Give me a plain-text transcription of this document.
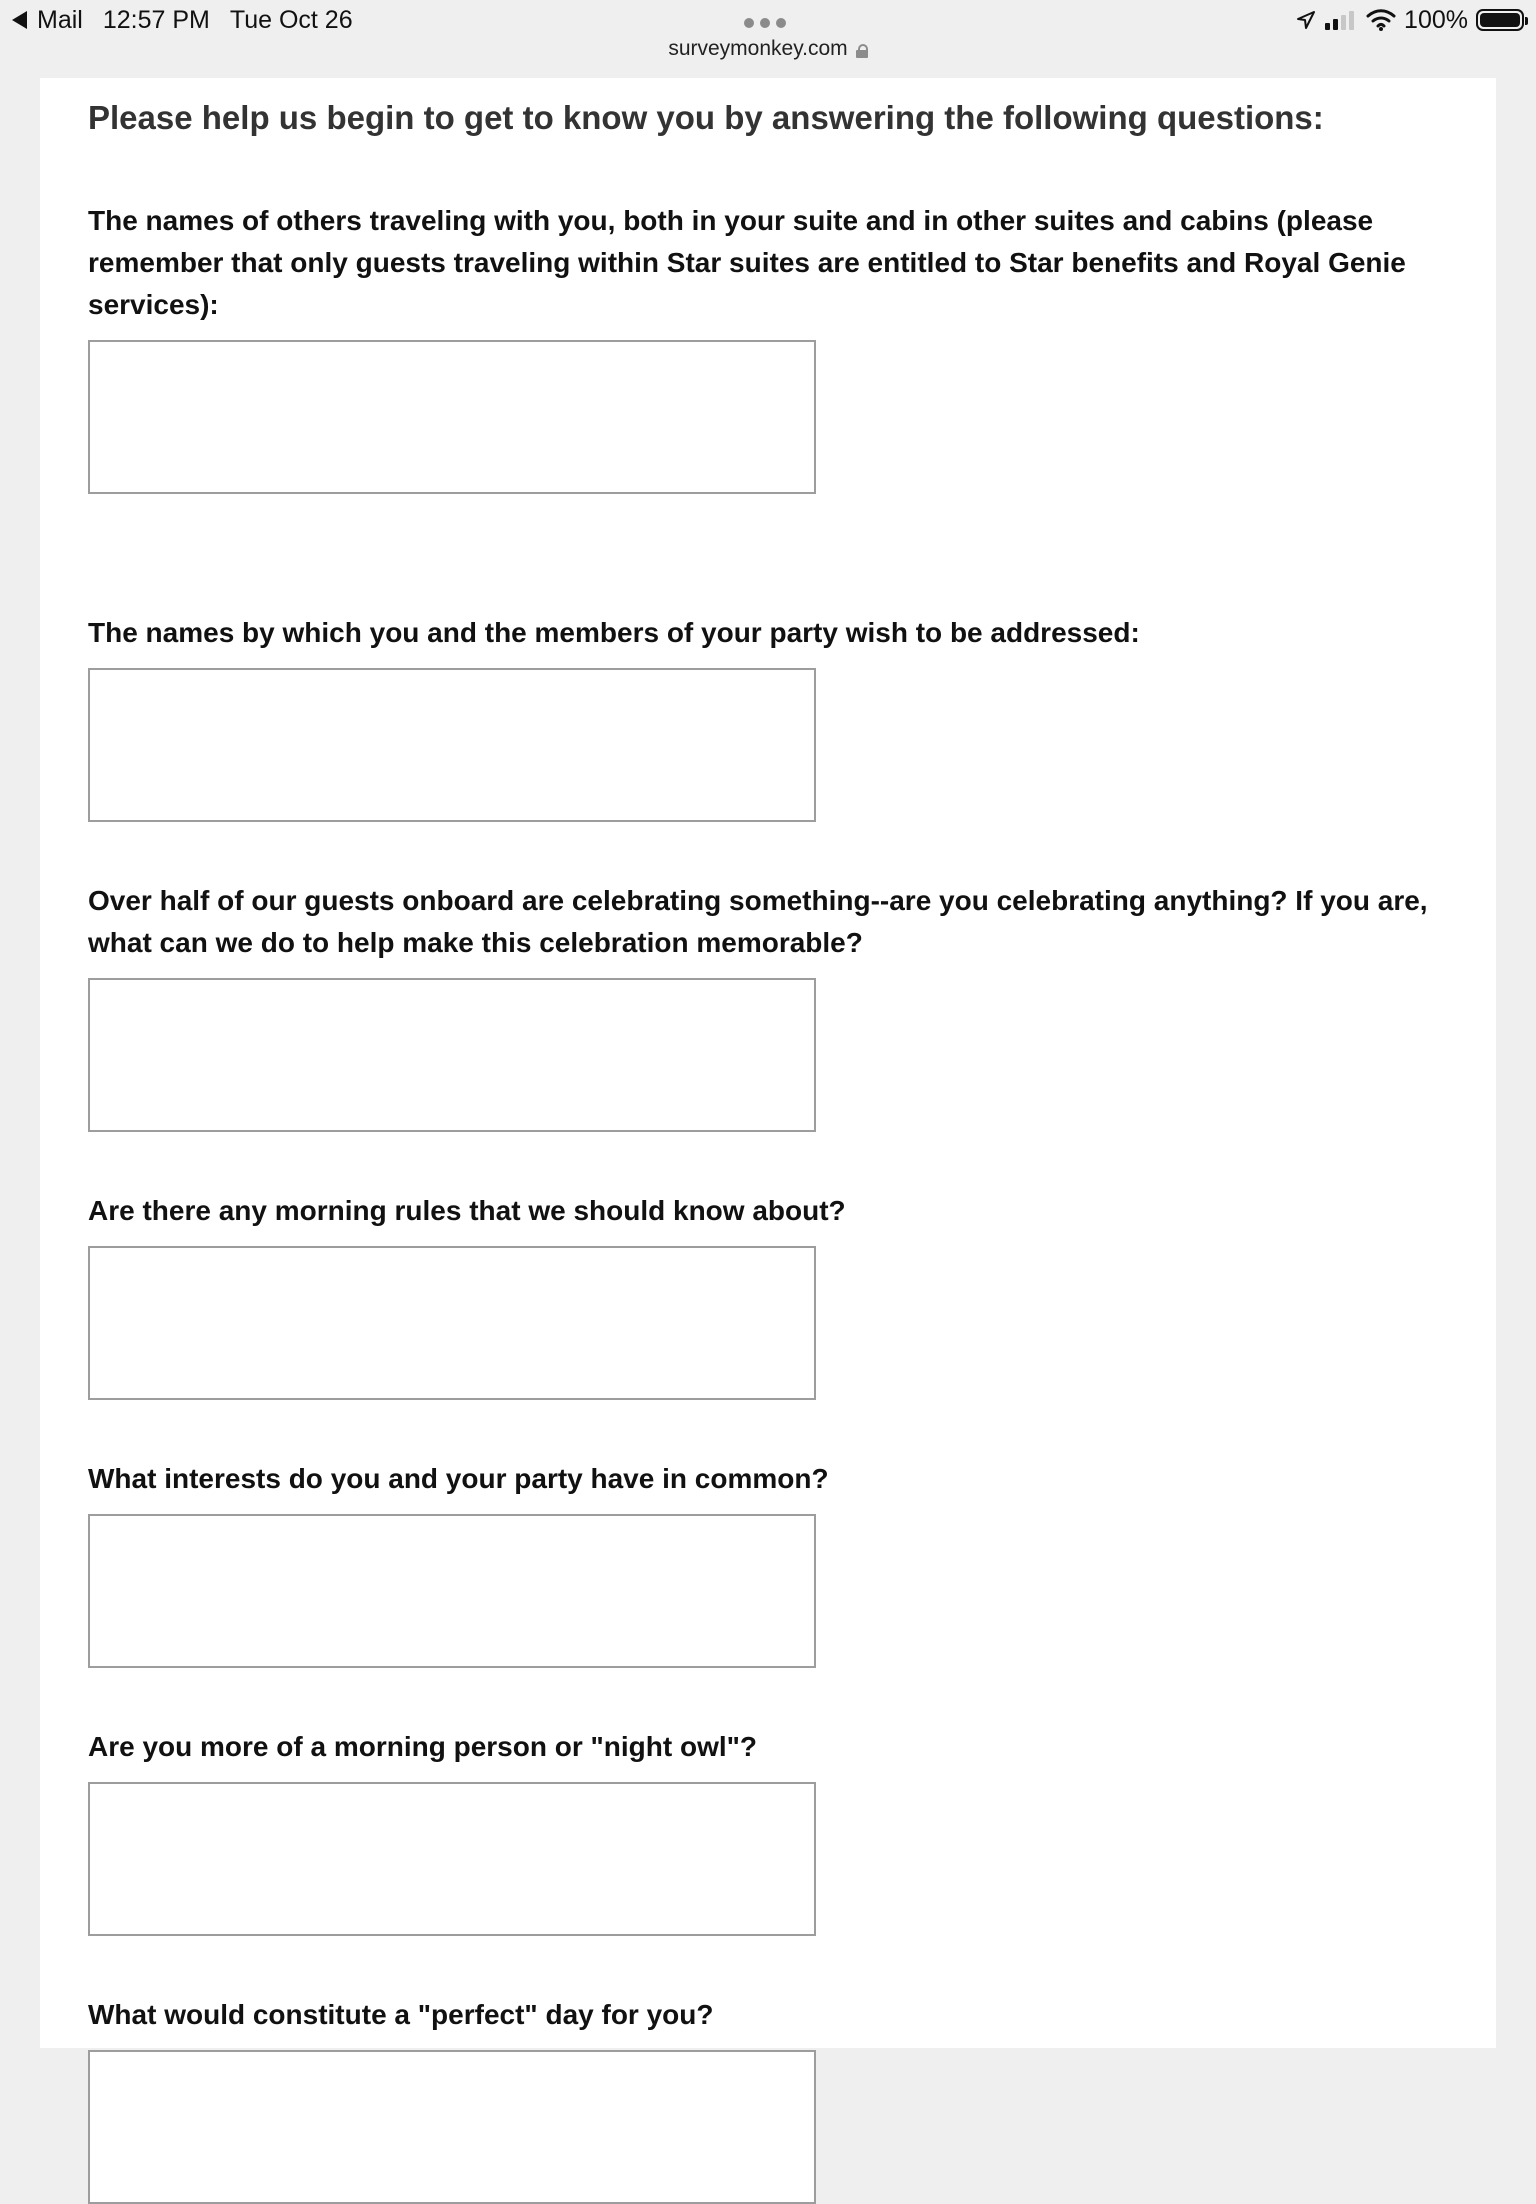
Mail 12:57 PM Tue Oct 26
surveymonkey.com
100%
Please help us begin to get to know you by answering the following questions:

The names of others traveling with you, both in your suite and in other suites and cabins (please remember that only guests traveling within Star suites are entitled to Star benefits and Royal Genie services):

The names by which you and the members of your party wish to be addressed:

Over half of our guests onboard are celebrating something--are you celebrating anything? If you are, what can we do to help make this celebration memorable?

Are there any morning rules that we should know about?

What interests do you and your party have in common?

Are you more of a morning person or "night owl"?

What would constitute a "perfect" day for you?
